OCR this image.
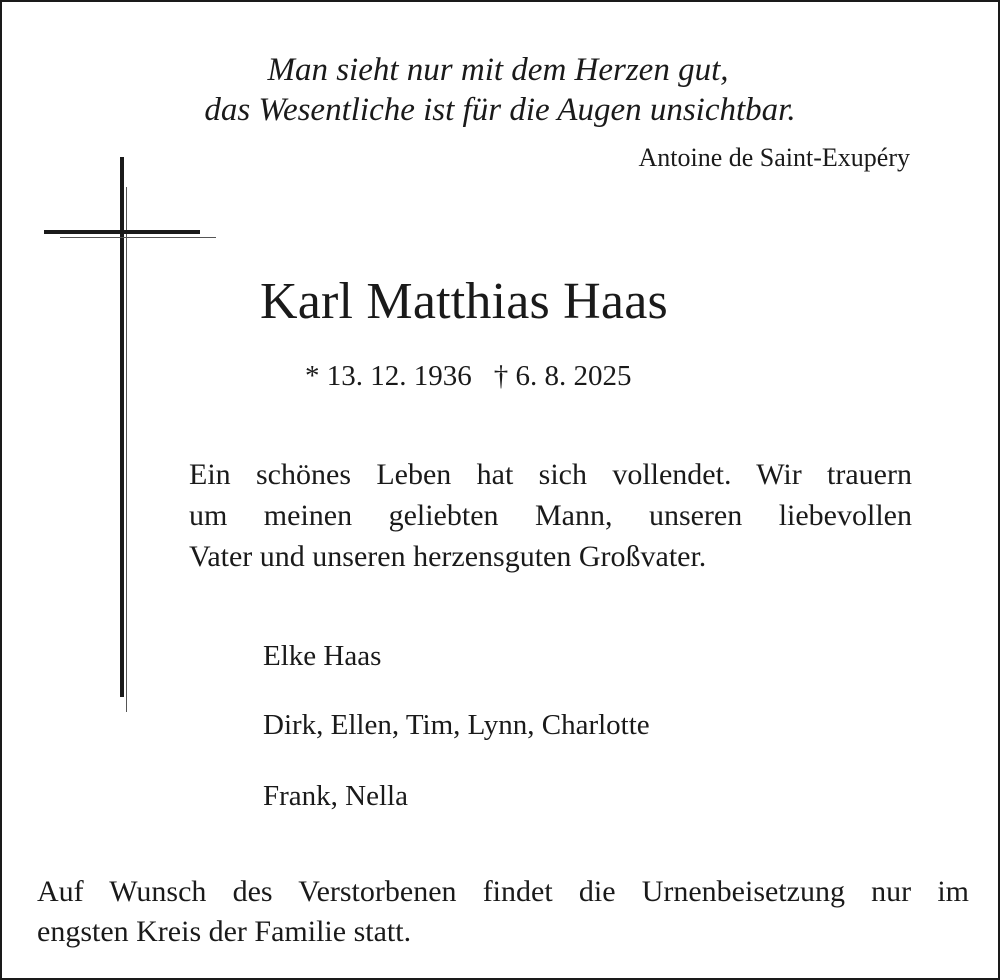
Man sieht nur mit dem Herzen gut,
das Wesentliche ist für die Augen unsichtbar.
Antoine de Saint-Exupéry
Karl Matthias Haas
* 13. 12. 1936 † 6. 8. 2025
Ein schönes Leben hat sich vollendet. Wir trauern
um meinen geliebten Mann, unseren liebevollen
Vater und unseren herzensguten Großvater.
Elke Haas
Dirk, Ellen, Tim, Lynn, Charlotte
Frank, Nella
Auf Wunsch des Verstorbenen findet die Urnenbeisetzung nur im
engsten Kreis der Familie statt.
